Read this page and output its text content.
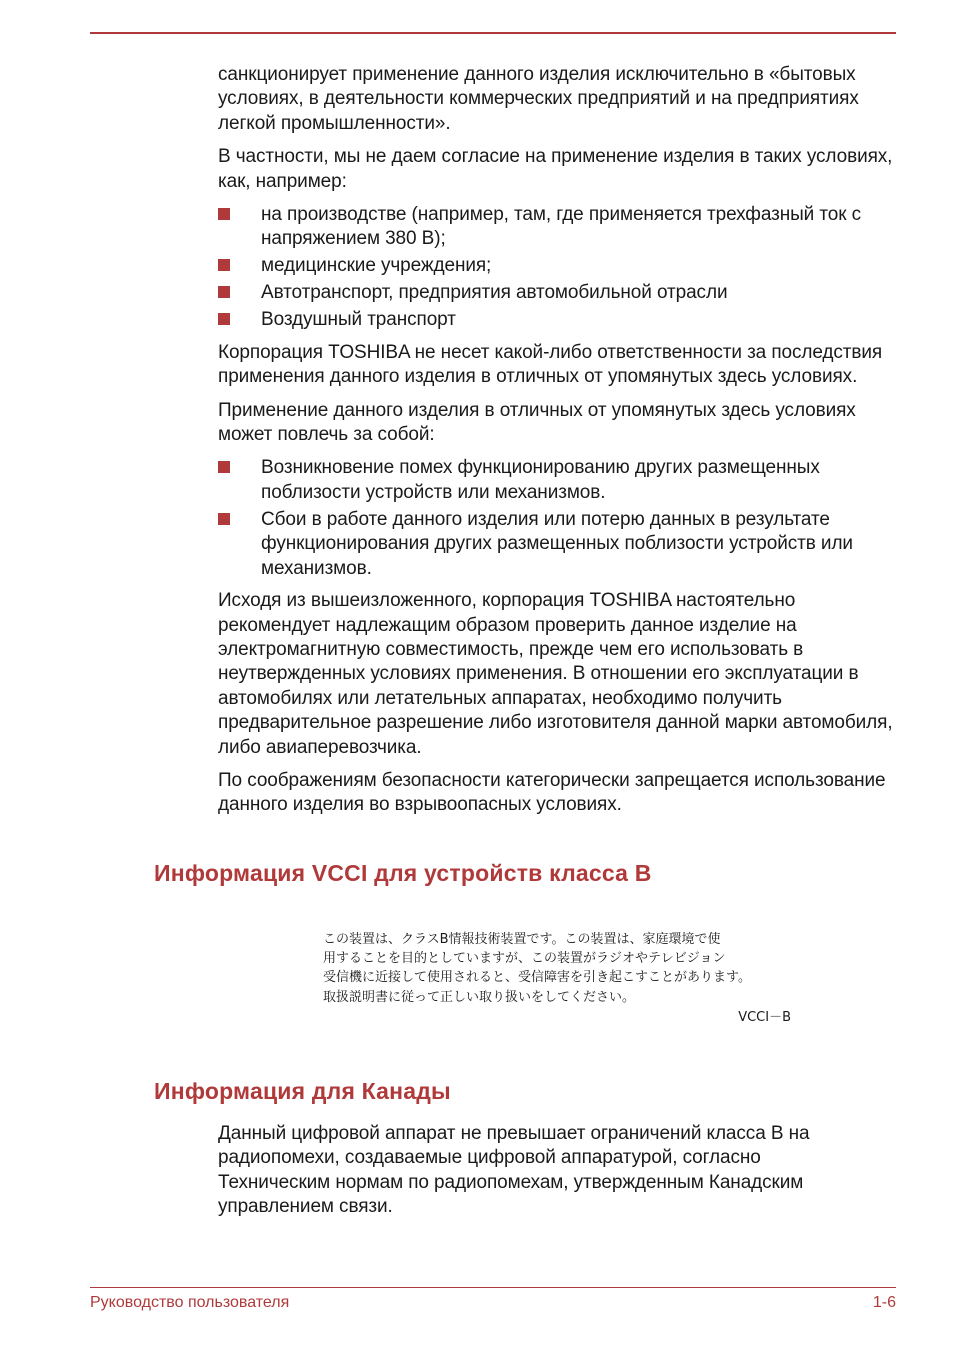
санкционирует применение данного изделия исключительно в «бытовых условиях, в деятельности коммерческих предприятий и на предприятиях легкой промышленности».

В частности, мы не даем согласие на применение изделия в таких условиях, как, например:

на производстве (например, там, где применяется трехфазный ток с напряжением 380 В);
медицинские учреждения;
Автотранспорт, предприятия автомобильной отрасли
Воздушный транспорт

Корпорация TOSHIBA не несет какой-либо ответственности за последствия применения данного изделия в отличных от упомянутых здесь условиях.

Применение данного изделия в отличных от упомянутых здесь условиях может повлечь за собой:

Возникновение помех функционированию других размещенных поблизости устройств или механизмов.
Сбои в работе данного изделия или потерю данных в результате функционирования других размещенных поблизости устройств или механизмов.

Исходя из вышеизложенного, корпорация TOSHIBA настоятельно рекомендует надлежащим образом проверить данное изделие на электромагнитную совместимость, прежде чем его использовать в неутвержденных условиях применения. В отношении его эксплуатации в автомобилях или летательных аппаратах, необходимо получить предварительное разрешение либо изготовителя данной марки автомобиля, либо авиаперевозчика.

По соображениям безопасности категорически запрещается использование данного изделия во взрывоопасных условиях.

Информация VCCI для устройств класса B
この装置は、クラスB情報技術装置です。この装置は、家庭環境で使
用することを目的としていますが、この装置がラジオやテレビジョン
受信機に近接して使用されると、受信障害を引き起こすことがあります。
取扱説明書に従って正しい取り扱いをしてください。
VCCI－B
Информация для Канады

Данный цифровой аппарат не превышает ограничений класса B на радиопомехи, создаваемые цифровой аппаратурой, согласно Техническим нормам по радиопомехам, утвержденным Канадским управлением связи.

Руководство пользователя	1-6
